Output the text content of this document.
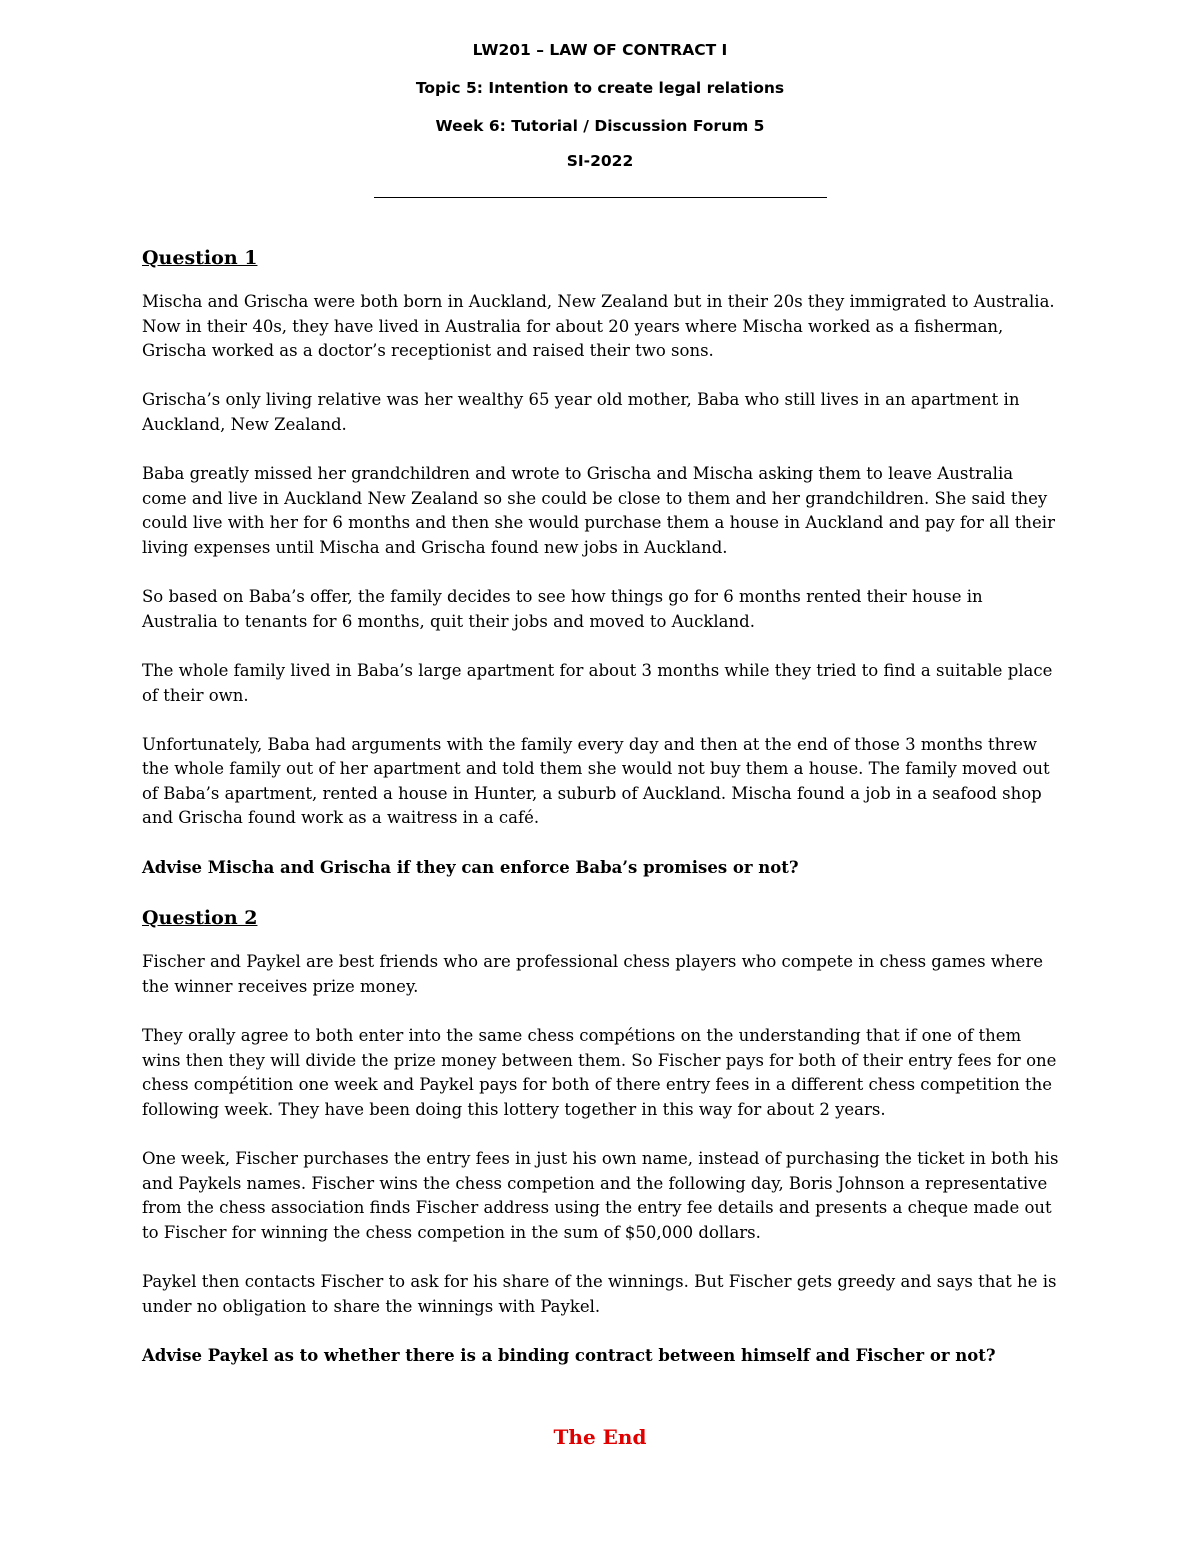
LW201 – LAW OF CONTRACT I
Topic 5: Intention to create legal relations
Week 6: Tutorial / Discussion Forum 5
SI-2022
Question 1

Mischa and Grischa were both born in Auckland, New Zealand but in their 20s they immigrated to Australia. Now in their 40s, they have lived in Australia for about 20 years where Mischa worked as a fisherman, Grischa worked as a doctor’s receptionist and raised their two sons.

Grischa’s only living relative was her wealthy 65 year old mother, Baba who still lives in an apartment in Auckland, New Zealand.

Baba greatly missed her grandchildren and wrote to Grischa and Mischa asking them to leave Australia come and live in Auckland New Zealand so she could be close to them and her grandchildren. She said they could live with her for 6 months and then she would purchase them a house in Auckland and pay for all their living expenses until Mischa and Grischa found new jobs in Auckland.

So based on Baba’s offer, the family decides to see how things go for 6 months rented their house in Australia to tenants for 6 months, quit their jobs and moved to Auckland.

The whole family lived in Baba’s large apartment for about 3 months while they tried to find a suitable place of their own.

Unfortunately, Baba had arguments with the family every day and then at the end of those 3 months threw the whole family out of her apartment and told them she would not buy them a house. The family moved out of Baba’s apartment, rented a house in Hunter, a suburb of Auckland. Mischa found a job in a seafood shop and Grischa found work as a waitress in a café.

Advise Mischa and Grischa if they can enforce Baba’s promises or not?

Question 2

Fischer and Paykel are best friends who are professional chess players who compete in chess games where the winner receives prize money.

They orally agree to both enter into the same chess compétions on the understanding that if one of them wins then they will divide the prize money between them. So Fischer pays for both of their entry fees for one chess compétition one week and Paykel pays for both of there entry fees in a different chess competition the following week. They have been doing this lottery together in this way for about 2 years.

One week, Fischer purchases the entry fees in just his own name, instead of purchasing the ticket in both his and Paykels names. Fischer wins the chess competion and the following day, Boris Johnson a representative from the chess association finds Fischer address using the entry fee details and presents a cheque made out to Fischer for winning the chess competion in the sum of $50,000 dollars.

Paykel then contacts Fischer to ask for his share of the winnings. But Fischer gets greedy and says that he is under no obligation to share the winnings with Paykel.

Advise Paykel as to whether there is a binding contract between himself and Fischer or not?

The End
